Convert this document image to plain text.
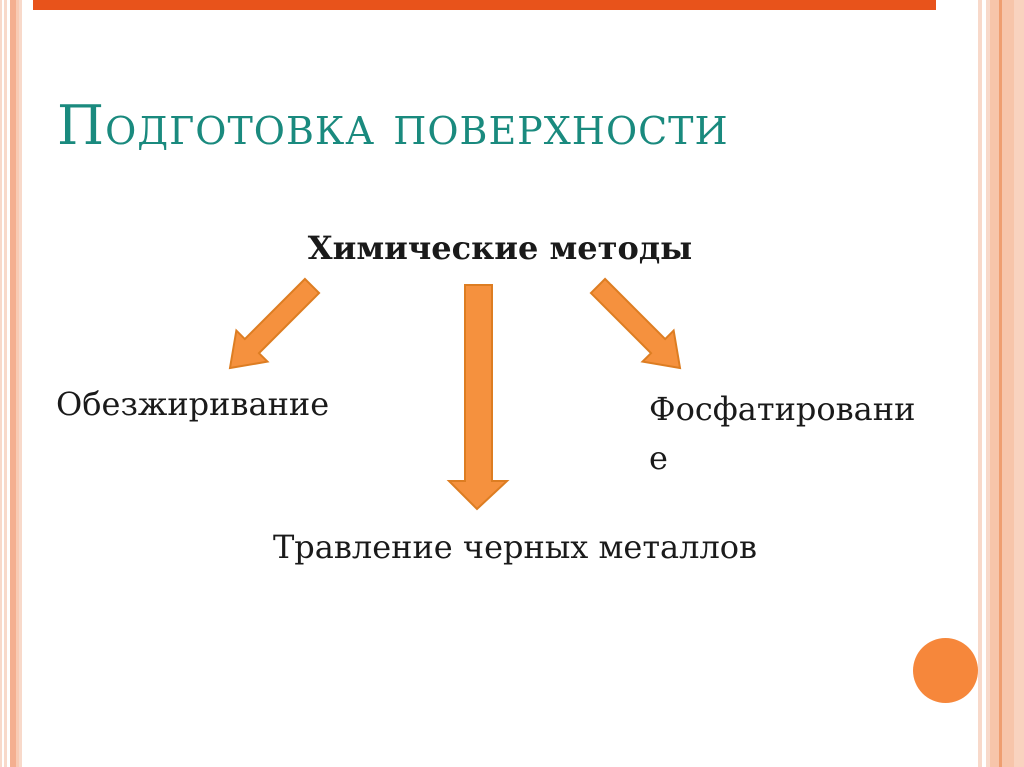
Подготовка поверхности
Химические методы
Обезжиривание	Фосфатировани
е
Травление черных металлов
